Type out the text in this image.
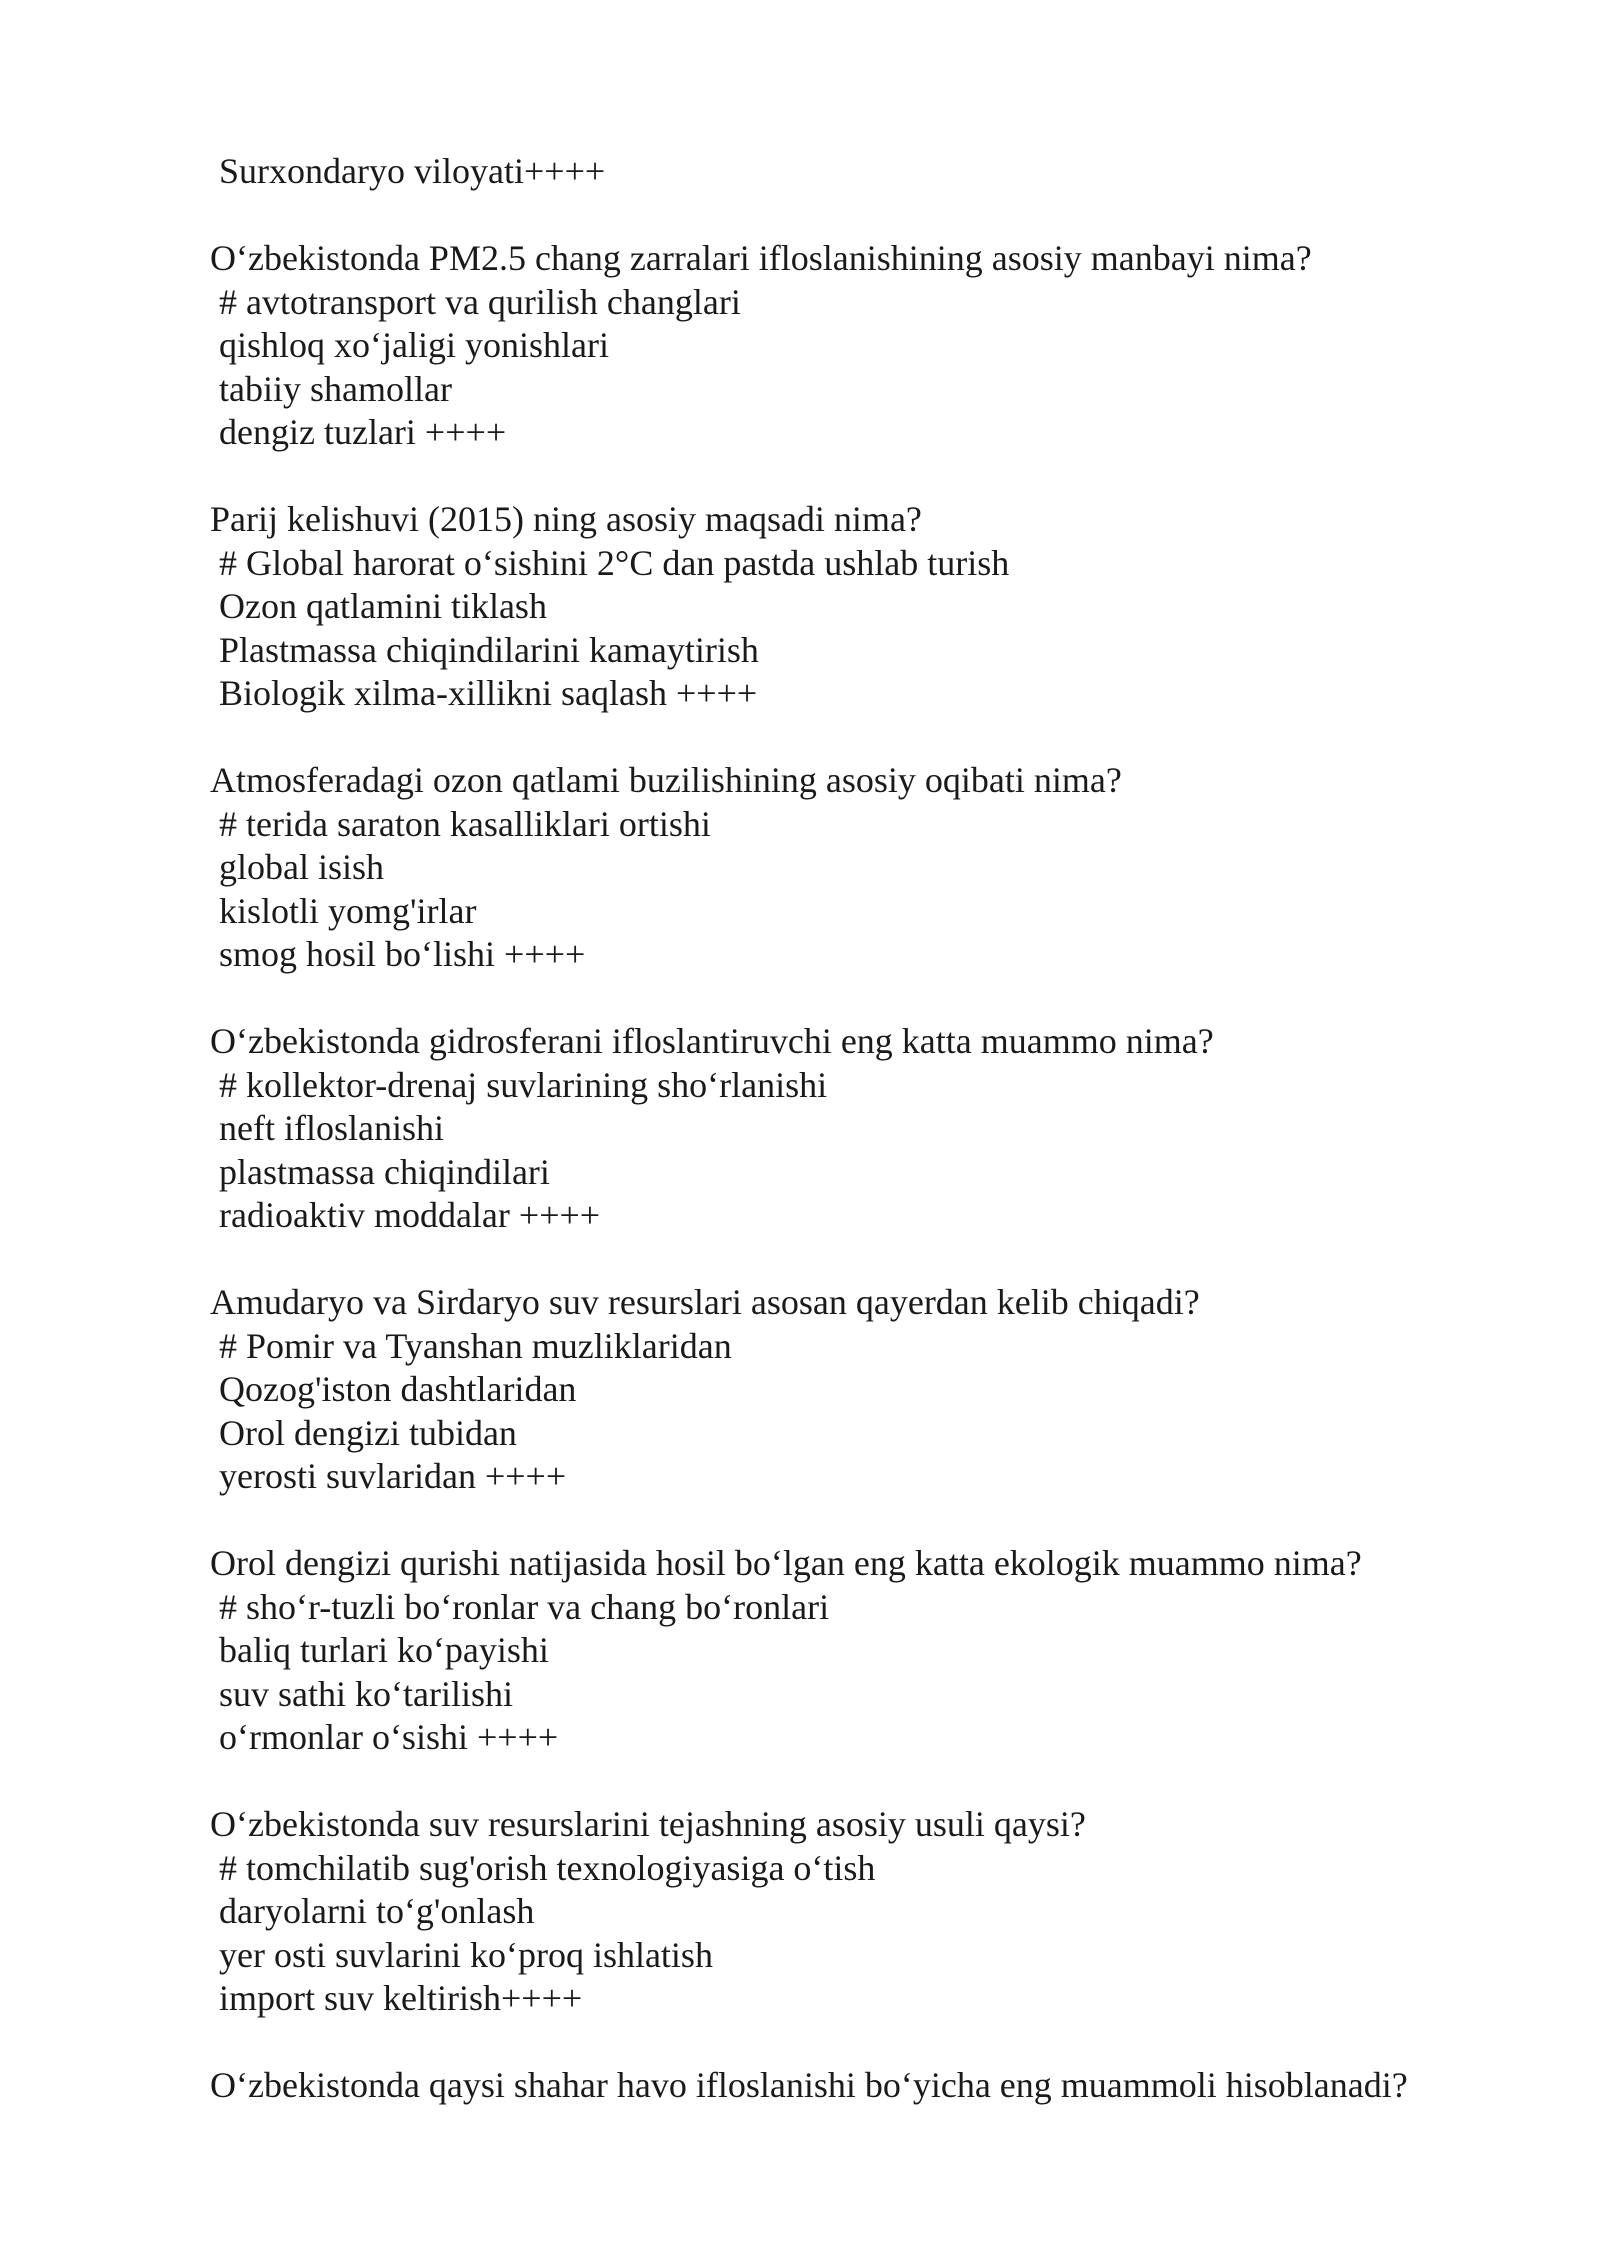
Surxondaryo viloyati++++
O‘zbekistonda PM2.5 chang zarralari ifloslanishining asosiy manbayi nima?
# avtotransport va qurilish changlari
qishloq xo‘jaligi yonishlari
tabiiy shamollar
dengiz tuzlari ++++
Parij kelishuvi (2015) ning asosiy maqsadi nima?
# Global harorat o‘sishini 2°C dan pastda ushlab turish
Ozon qatlamini tiklash
Plastmassa chiqindilarini kamaytirish
Biologik xilma-xillikni saqlash ++++
Atmosferadagi ozon qatlami buzilishining asosiy oqibati nima?
# terida saraton kasalliklari ortishi
global isish
kislotli yomg'irlar
smog hosil bo‘lishi ++++
O‘zbekistonda gidrosferani ifloslantiruvchi eng katta muammo nima?
# kollektor-drenaj suvlarining sho‘rlanishi
neft ifloslanishi
plastmassa chiqindilari
radioaktiv moddalar ++++
Amudaryo va Sirdaryo suv resurslari asosan qayerdan kelib chiqadi?
# Pomir va Tyanshan muzliklaridan
Qozog'iston dashtlaridan
Orol dengizi tubidan
yerosti suvlaridan ++++
Orol dengizi qurishi natijasida hosil bo‘lgan eng katta ekologik muammo nima?
# sho‘r-tuzli bo‘ronlar va chang bo‘ronlari
baliq turlari ko‘payishi
suv sathi ko‘tarilishi
o‘rmonlar o‘sishi ++++
O‘zbekistonda suv resurslarini tejashning asosiy usuli qaysi?
# tomchilatib sug'orish texnologiyasiga o‘tish
daryolarni to‘g'onlash
yer osti suvlarini ko‘proq ishlatish
import suv keltirish++++
O‘zbekistonda qaysi shahar havo ifloslanishi bo‘yicha eng muammoli hisoblanadi?
